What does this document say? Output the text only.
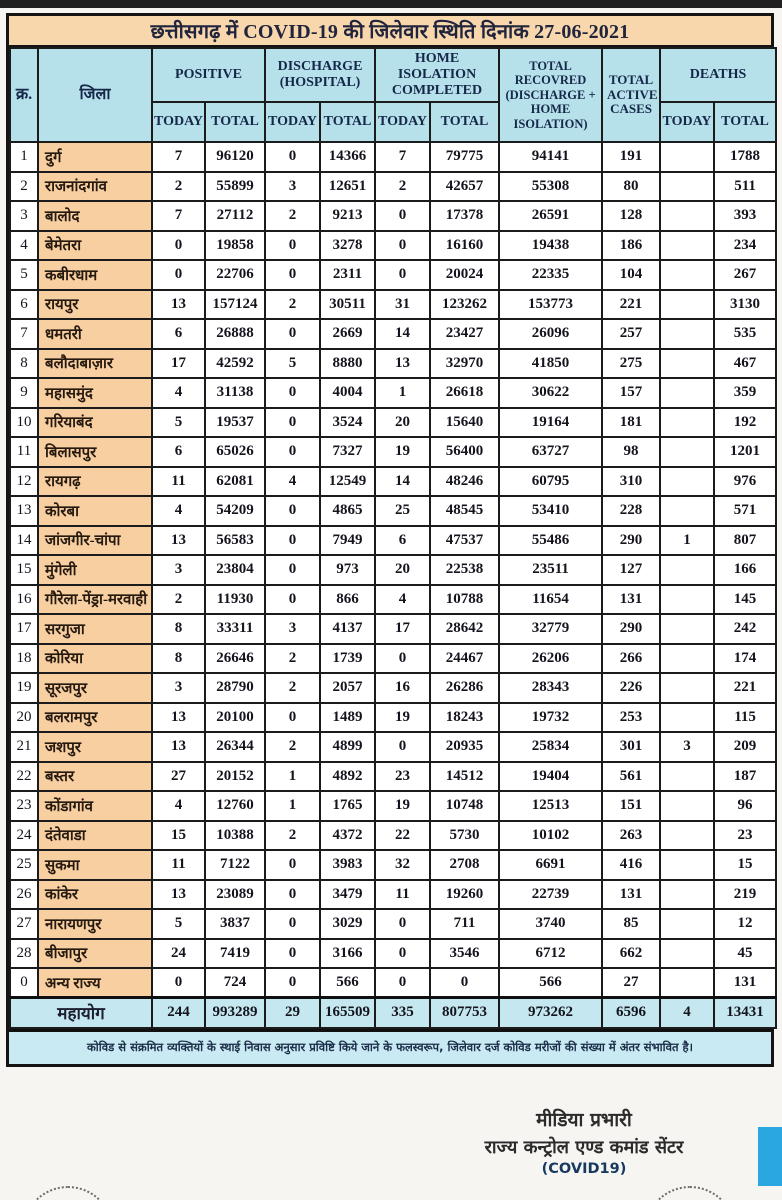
छत्तीसगढ़ में COVID-19 की जिलेवार स्थिति दिनांक 27-06-2021
क्र.	जिला	POSITIVE		DISCHARGE (HOSPITAL)		HOME ISOLATION COMPLETED		TOTAL RECOVRED (DISCHARGE + HOME ISOLATION)	TOTAL ACTIVE CASES	DEATHS	
		TODAY	TOTAL	TODAY	TOTAL	TODAY	TOTAL			TODAY	TOTAL
1	दुर्ग	7	96120	0	14366	7	79775	94141	191		1788
2	राजनांदगांव	2	55899	3	12651	2	42657	55308	80		511
3	बालोद	7	27112	2	9213	0	17378	26591	128		393
4	बेमेतरा	0	19858	0	3278	0	16160	19438	186		234
5	कबीरधाम	0	22706	0	2311	0	20024	22335	104		267
6	रायपुर	13	157124	2	30511	31	123262	153773	221		3130
7	धमतरी	6	26888	0	2669	14	23427	26096	257		535
8	बलौदाबाज़ार	17	42592	5	8880	13	32970	41850	275		467
9	महासमुंद	4	31138	0	4004	1	26618	30622	157		359
10	गरियाबंद	5	19537	0	3524	20	15640	19164	181		192
11	बिलासपुर	6	65026	0	7327	19	56400	63727	98		1201
12	रायगढ़	11	62081	4	12549	14	48246	60795	310		976
13	कोरबा	4	54209	0	4865	25	48545	53410	228		571
14	जांजगीर-चांपा	13	56583	0	7949	6	47537	55486	290	1	807
15	मुंगेली	3	23804	0	973	20	22538	23511	127		166
16	गौरेला-पेंड्रा-मरवाही	2	11930	0	866	4	10788	11654	131		145
17	सरगुजा	8	33311	3	4137	17	28642	32779	290		242
18	कोरिया	8	26646	2	1739	0	24467	26206	266		174
19	सूरजपुर	3	28790	2	2057	16	26286	28343	226		221
20	बलरामपुर	13	20100	0	1489	19	18243	19732	253		115
21	जशपुर	13	26344	2	4899	0	20935	25834	301	3	209
22	बस्तर	27	20152	1	4892	23	14512	19404	561		187
23	कोंडागांव	4	12760	1	1765	19	10748	12513	151		96
24	दंतेवाडा	15	10388	2	4372	22	5730	10102	263		23
25	सुकमा	11	7122	0	3983	32	2708	6691	416		15
26	कांकेर	13	23089	0	3479	11	19260	22739	131		219
27	नारायणपुर	5	3837	0	3029	0	711	3740	85		12
28	बीजापुर	24	7419	0	3166	0	3546	6712	662		45
0	अन्य राज्य	0	724	0	566	0	0	566	27		131
महायोग		244	993289	29	165509	335	807753	973262	6596	4	13431
कोविड से संक्रमित व्यक्तियों के स्थाई निवास अनुसार प्रविष्टि किये जाने के फलस्वरूप, जिलेवार दर्ज कोविड मरीजों की संख्या में अंतर संभावित है।
मीडिया प्रभारी
राज्य कन्ट्रोल एण्ड कमांड सेंटर
(COVID19)
